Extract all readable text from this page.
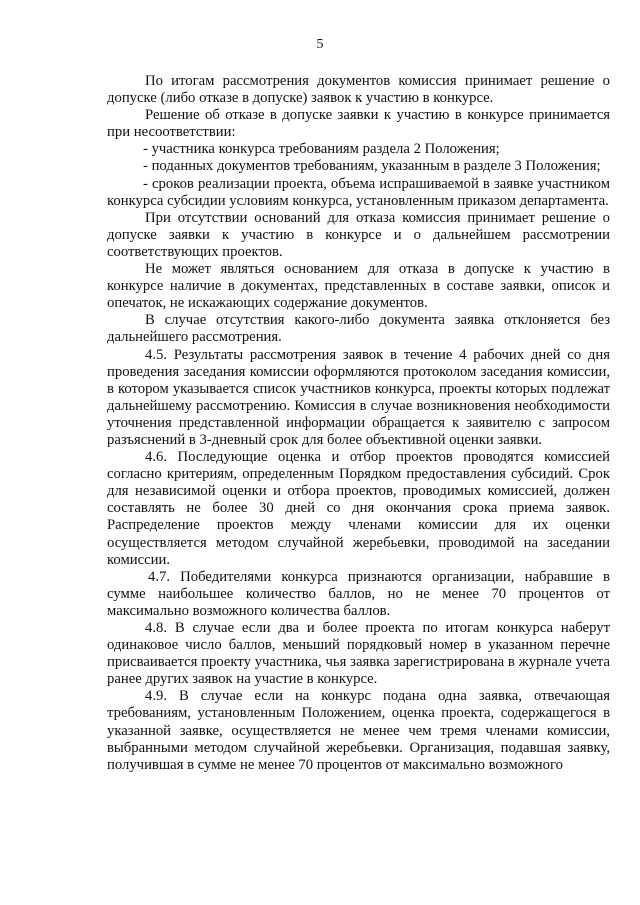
5

По итогам рассмотрения документов комиссия принимает решение о допуске (либо отказе в допуске) заявок к участию в конкурсе.

Решение об отказе в допуске заявки к участию в конкурсе принимается при несоответствии:

- участника конкурса требованиям раздела 2 Положения;

- поданных документов требованиям, указанным в разделе 3 Положения;

- сроков реализации проекта, объема испрашиваемой в заявке участником конкурса субсидии условиям конкурса, установленным приказом департамента.

При отсутствии оснований для отказа комиссия принимает решение о допуске заявки к участию в конкурсе и о дальнейшем рассмотрении соответствующих проектов.

Не может являться основанием для отказа в допуске к участию в конкурсе наличие в документах, представленных в составе заявки, описок и опечаток, не искажающих содержание документов.

В случае отсутствия какого-либо документа заявка отклоняется без дальнейшего рассмотрения.

4.5. Результаты рассмотрения заявок в течение 4 рабочих дней со дня проведения заседания комиссии оформляются протоколом заседания комиссии, в котором указывается список участников конкурса, проекты которых подлежат дальнейшему рассмотрению. Комиссия в случае возникновения необходимости уточнения представленной информации обращается к заявителю с запросом разъяснений в 3-дневный срок для более объективной оценки заявки.

4.6. Последующие оценка и отбор проектов проводятся комиссией согласно критериям, определенным Порядком предоставления субсидий. Срок для независимой оценки и отбора проектов, проводимых комиссией, должен составлять не более 30 дней со дня окончания срока приема заявок. Распределение проектов между членами комиссии для их оценки осуществляется методом случайной жеребьевки, проводимой на заседании комиссии.

4.7. Победителями конкурса признаются организации, набравшие в сумме наибольшее количество баллов, но не менее 70 процентов от максимально возможного количества баллов.

4.8. В случае если два и более проекта по итогам конкурса наберут одинаковое число баллов, меньший порядковый номер в указанном перечне присваивается проекту участника, чья заявка зарегистрирована в журнале учета ранее других заявок на участие в конкурсе.

4.9. В случае если на конкурс подана одна заявка, отвечающая требованиям, установленным Положением, оценка проекта, содержащегося в указанной заявке, осуществляется не менее чем тремя членами комиссии, выбранными методом случайной жеребьевки. Организация, подавшая заявку, получившая в сумме не менее 70 процентов от максимально возможного
